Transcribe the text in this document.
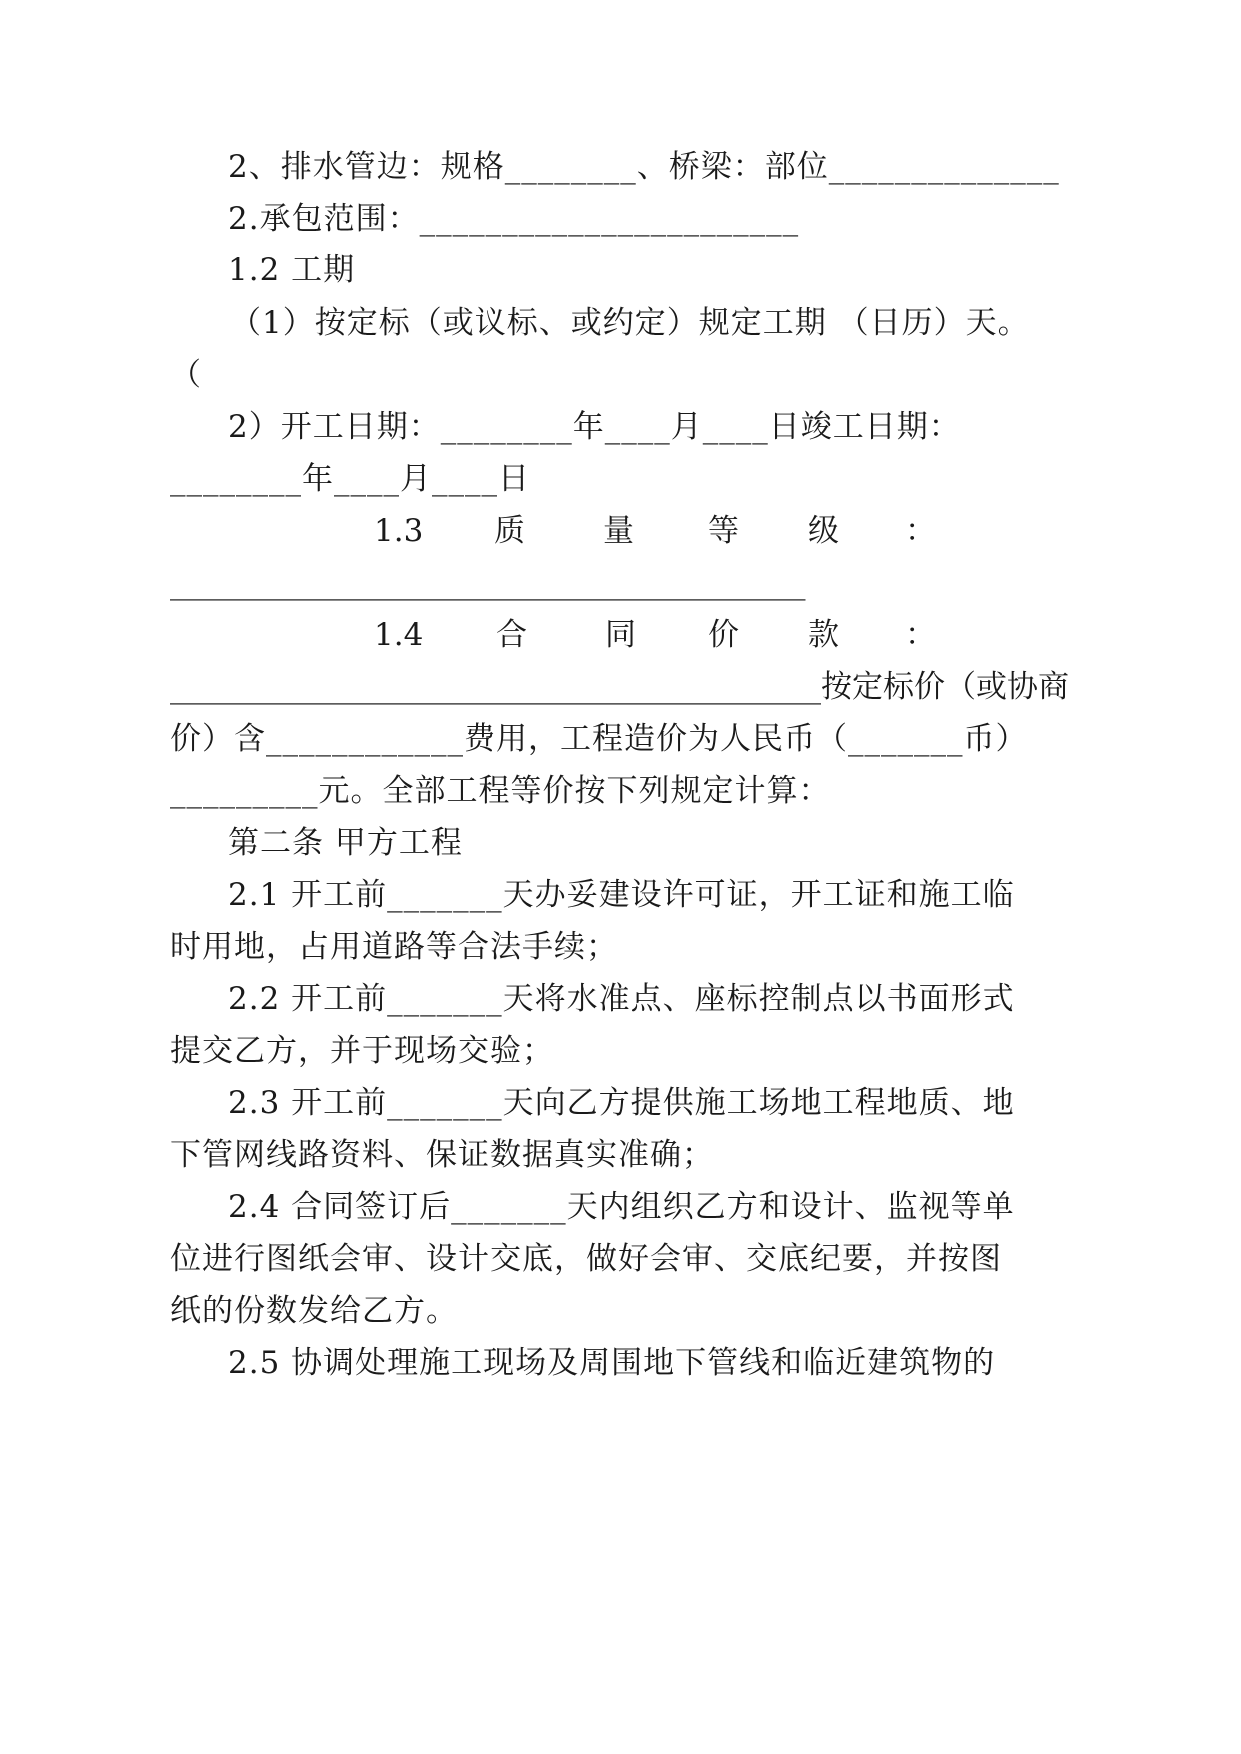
2、排水管边：规格________、桥梁：部位______________
2.承包范围：_______________________
1.2 工期
（1）按定标（或议标、或约定）规定工期 （日历）天。
（
2）开工日期：________年____月____日竣工日期：
________年____月____日
1.3 质	量 等 级 ：
_________________________________________
1.4 合	同 价 款 ：
__________________________________________按定标价（或协商
价）含____________费用，工程造价为人民币（_______币）
_________元。全部工程等价按下列规定计算：
第二条 甲方工程
2.1 开工前_______天办妥建设许可证，开工证和施工临
时用地，占用道路等合法手续；
2.2 开工前_______天将水准点、座标控制点以书面形式
提交乙方，并于现场交验；
2.3 开工前_______天向乙方提供施工场地工程地质、地
下管网线路资料、保证数据真实准确；
2.4 合同签订后_______天内组织乙方和设计、监视等单
位进行图纸会审、设计交底，做好会审、交底纪要，并按图
纸的份数发给乙方。
2.5 协调处理施工现场及周围地下管线和临近建筑物的
